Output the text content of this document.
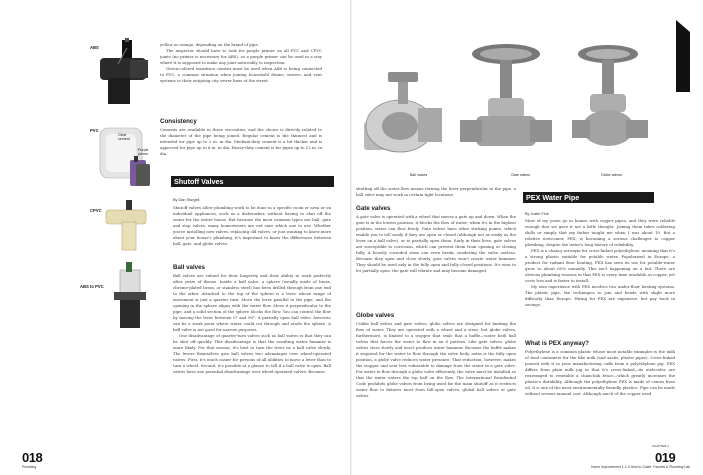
ABS
PVC
Clear cement
Purple primer
CPVC
ABS to PVC

yellow or orange, depending on the brand of pipe.

The inspector should have to look for purple primer on all PVC and CPVC joints (no primer is necessary for ABS), so a purple primer can be used in a way where it is supposed to make any joint noticeably to inspection.

Green-colored transition cement must be used when ABS is being connected to PVC, a common situation when joining household drains, sewers, and vent systems to their outgoing city sewer lines at the street.

Consistency
Cements are available in three viscosities, and the choice is directly related to the diameter of the pipe being joined. Regular cement is the thinnest and is intended for pipe up to 2 in. in dia. Medium-duty cement is a bit thicker and is approved for pipe up to 6 in. in dia. Heavy-duty cement is for pipes up to 12 in. in dia.
Shutoff Valves
By Dan Sturgeil
Shutoff valves allow plumbing work to be done in a specific room or area or on individual appliances, such as a dishwasher, without having to shut off the water for the entire house. But because the most common types are ball, gate and stop valves, many homeowners are not sure which one to use. Whether you're installing new valves, replacing old valves, or just wanting to know more about your house's plumbing, it's important to know the differences between ball, gate, and globe valves.
Ball valves

Ball valves are valued for their longevity and their ability to work perfectly after years of disuse. Inside a ball valve, a sphere (usually made of brass, chrome-plated brass, or stainless steel) has been drilled through from one end to the other. Attached to the top of the sphere is a lever whose range of movement is just a quarter turn. Move the lever parallel to the pipe, and the opening in the sphere aligns with the water flow. Move it perpendicular to the pipe, and a solid section of the sphere blocks the flow. You can control the flow by moving the lever between 0° and 90°. A partially open ball valve, however, can be a weak point where water could cut through and erode the sphere. A ball valve is not good for narrow purposes.

One disadvantage of quarter-turn valves such as ball valves is that they can be shut off quickly. This disadvantage is that the resulting water hammer is more likely. For that reason, it's best to turn the lever on a ball valve slowly. The levers themselves give ball valves two advantages over wheel-operated valves. First, it's much easier for persons of all abilities to move a lever than to turn a wheel. Second, it's possible at a glance to tell if a ball valve is open. Ball valves have one potential disadvantage over wheel-operated valves: Because

018
Plumbing
Ball valves	Gate valves	Globe valves
shutting off the water flow means turning the lever perpendicular to the pipe, a ball valve may not work in certain tight locations.
Gate valves
A gate valve is operated with a wheel that moves a gate up and down. When the gate is in the lowest position, it blocks the flow of water; when it's in the highest position, water can flow freely. Gate valves have other sticking points, which enable you to tell easily if they are open or closed (although not as easily as the lever on a ball valve), or to partially open them. Early in their lives, gate valves are susceptible to corrosion, which can prevent them from opening or closing fully. A heavily corroded stem can even break, rendering the valve useless. Because they open and close slowly, gate valves won't create water hammer. They should be used only in the fully open and fully closed positions. It's wise to let partially open, the gate will vibrate and may become damaged.
Globe valves
Unlike ball valves and gate valves, globe valves are designed for limiting the flow of water. They are operated with a wheel and a stem, but globe valves, furthermore, is limited to a stopper that seals that a baffle—water both ball valves that forces the water to flow in an S pattern. Like gate valves, globe valves close slowly and won't produce water hammer. Because the baffle makes it required for the water to flow through the valve body, extra is the fully open position, a globe valve reduces water pressure. That reduction, however, makes the stopper and seat less vulnerable to damage from the water in a gate valve. For water to flow through a globe valve efficiently, the valve must be installed so that the water enters the top half on the flow. The International Residential Code prohibits globe valves from being used for the main shutoff as it restricts water flow to fixtures most from full-open valves, global ball valves or gate valves.
PEX Water Pipe
By Justin Fink

Most of my years go in homes with copper pipes, and they were reliable enough that we gave it not a little thought. Joining them takes soldering skills or simply that my father taught me when I was about 10. But a relative newcomer, PEX, is becoming a serious challenger to copper plumbing, despite the latter's long history of reliability.

PEX is a chancy acronym for cross-linked polyethylene, meaning that it's a strong plastic suitable for potable water. Popularized in Europe, a product for radiant floor heating, PEX has seen its use for potable-water grow to about 65% annually. This isn't happening on a fad. There are obvious plumbing reasons in that PEX is every time available as copper, yet costs less and is faster to install.

My own experience with PEX involves two under-floor heating systems. The plastic pipe, the techniques to join and bends with slight more difficulty than Europe. Hiring for PEX are expensive, but pay back in savings.

What is PEX anyway?
Polyethylene is a common plastic whose most notable examples is the milk of food containers for the like milk (and sacks, plastic pipes). Cross-linked poured with it in your manufacturing cuffs from a polyethylene pig. PEX differs from plain milk jug in that it's cross-linked—its molecules are rearranged to resemble a chain-link fence—which greatly increases the plastic's durability. Although the polyethylene PEX is made of comes from oil, it is one of the most environmentally friendly plastics. Pipe can be made without serious manual cost. Although much of the copper used
019
Home Improvement 1-2-3 How to Guide: Faucets & Plumbing Lab
CHAPTER 4
Plumbing
